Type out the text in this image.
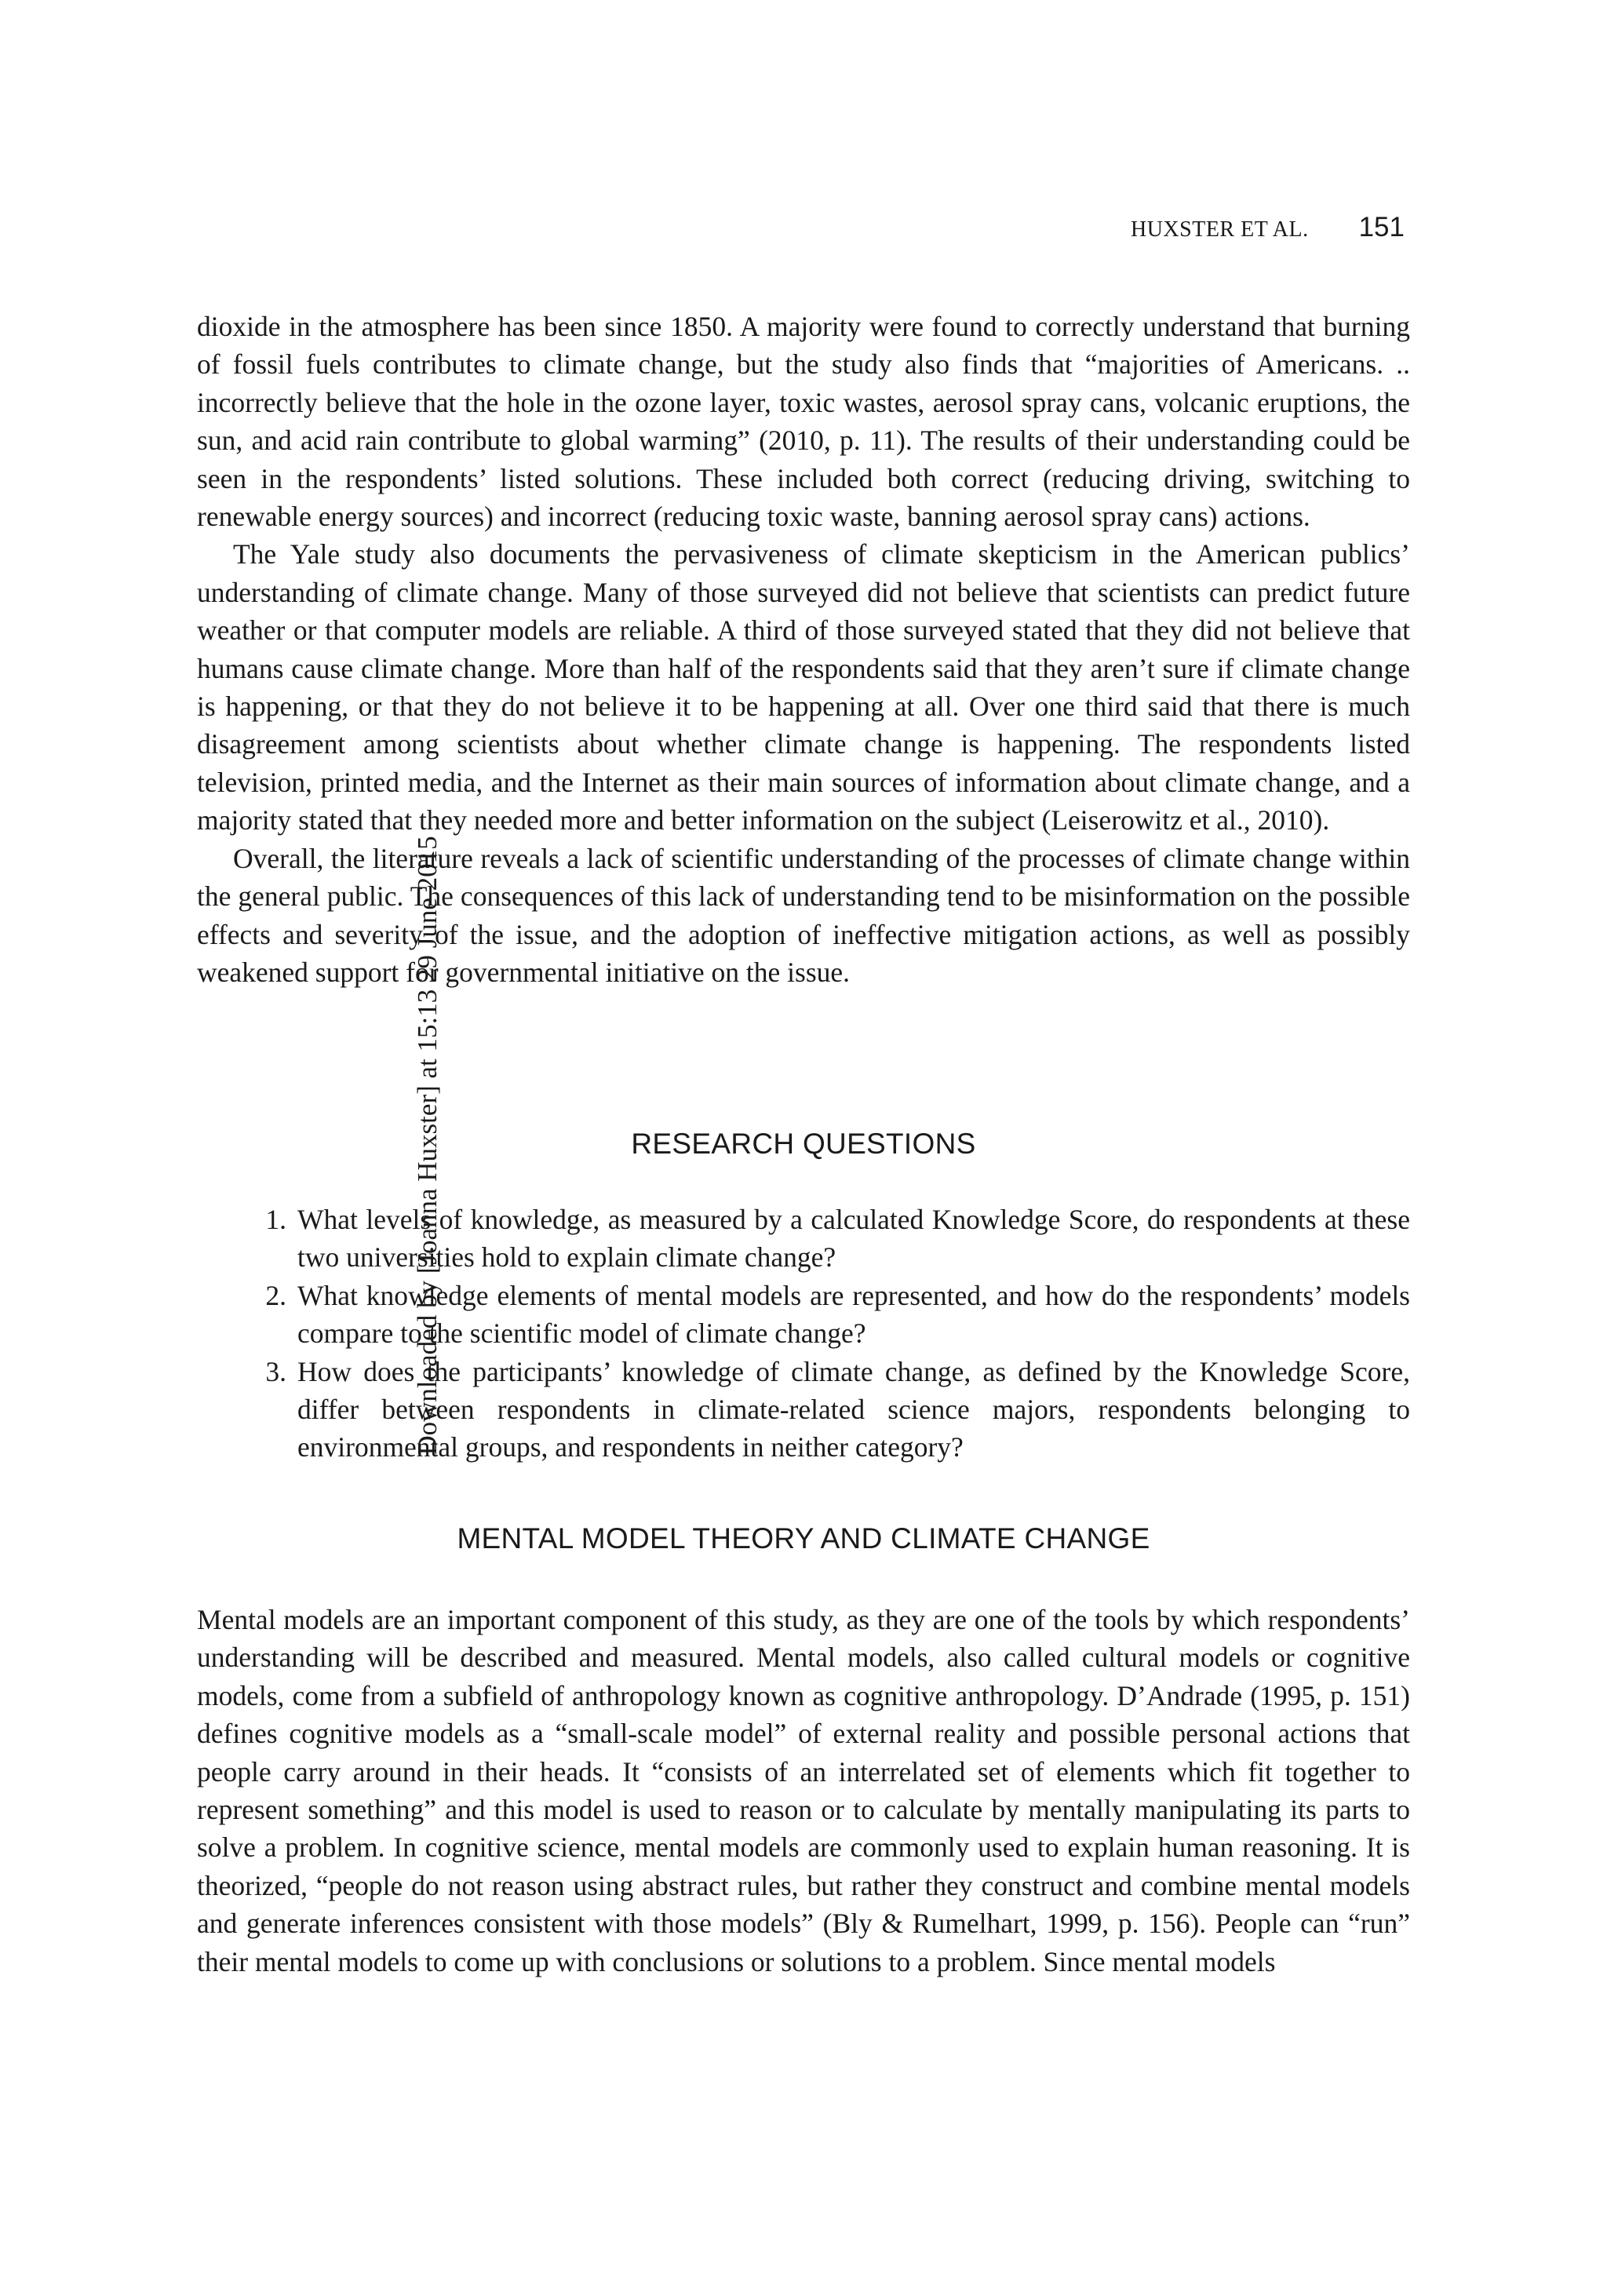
HUXSTER ET AL. 151
Downloaded by [Joanna Huxster] at 15:13 29 June 2015

dioxide in the atmosphere has been since 1850. A majority were found to correctly understand that burning of fossil fuels contributes to climate change, but the study also finds that “majorities of Americans. .. incorrectly believe that the hole in the ozone layer, toxic wastes, aerosol spray cans, volcanic eruptions, the sun, and acid rain contribute to global warming” (2010, p. 11). The results of their understanding could be seen in the respondents’ listed solutions. These included both correct (reducing driving, switching to renewable energy sources) and incorrect (reducing toxic waste, banning aerosol spray cans) actions.

The Yale study also documents the pervasiveness of climate skepticism in the American publics’ understanding of climate change. Many of those surveyed did not believe that scientists can predict future weather or that computer models are reliable. A third of those surveyed stated that they did not believe that humans cause climate change. More than half of the respondents said that they aren’t sure if climate change is happening, or that they do not believe it to be happening at all. Over one third said that there is much disagreement among scientists about whether climate change is happening. The respondents listed television, printed media, and the Internet as their main sources of information about climate change, and a majority stated that they needed more and better information on the subject (Leiserowitz et al., 2010).

Overall, the literature reveals a lack of scientific understanding of the processes of climate change within the general public. The consequences of this lack of understanding tend to be misinformation on the possible effects and severity of the issue, and the adoption of ineffective mitigation actions, as well as possibly weakened support for governmental initiative on the issue.

RESEARCH QUESTIONS
1. What levels of knowledge, as measured by a calculated Knowledge Score, do respondents at these two universities hold to explain climate change?
2. What knowledge elements of mental models are represented, and how do the respondents’ models compare to the scientific model of climate change?
3. How does the participants’ knowledge of climate change, as defined by the Knowledge Score, differ between respondents in climate-related science majors, respondents belonging to environmental groups, and respondents in neither category?
MENTAL MODEL THEORY AND CLIMATE CHANGE

Mental models are an important component of this study, as they are one of the tools by which respondents’ understanding will be described and measured. Mental models, also called cultural models or cognitive models, come from a subfield of anthropology known as cognitive anthropology. D’Andrade (1995, p. 151) defines cognitive models as a “small-scale model” of external reality and possible personal actions that people carry around in their heads. It “consists of an interrelated set of elements which fit together to represent something” and this model is used to reason or to calculate by mentally manipulating its parts to solve a problem. In cognitive science, mental models are commonly used to explain human reasoning. It is theorized, “people do not reason using abstract rules, but rather they construct and combine mental models and generate inferences consistent with those models” (Bly & Rumelhart, 1999, p. 156). People can “run” their mental models to come up with conclusions or solutions to a problem. Since mental models
